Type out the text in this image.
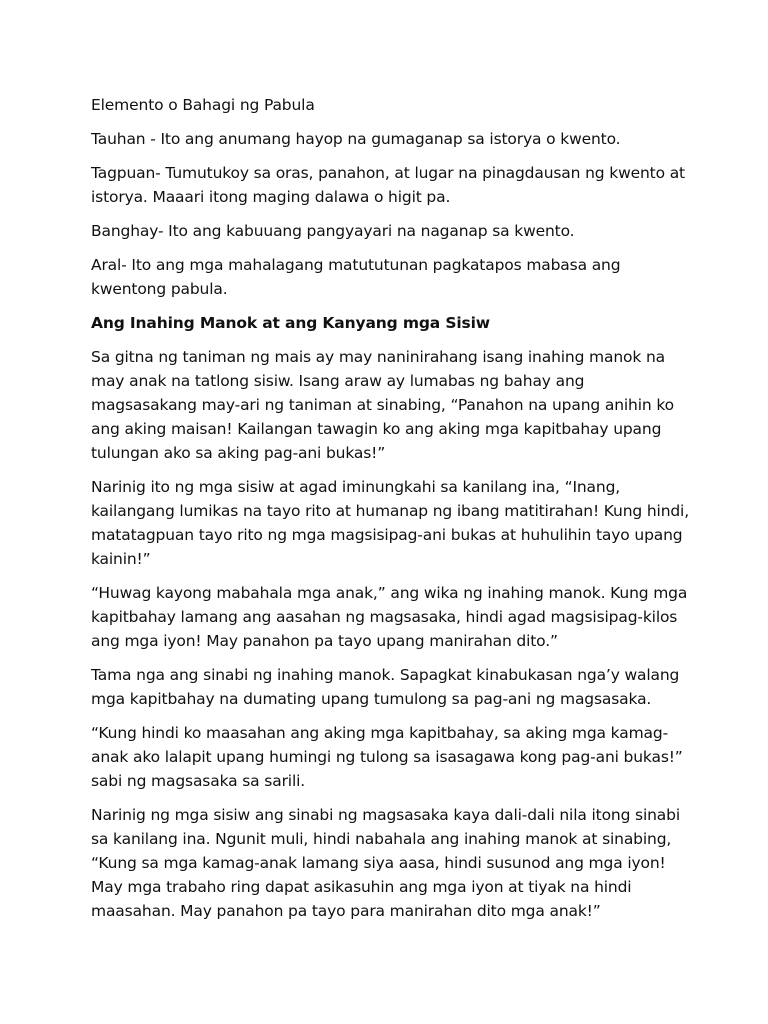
Elemento o Bahagi ng Pabula

Tauhan - Ito ang anumang hayop na gumaganap sa istorya o kwento.

Tagpuan- Tumutukoy sa oras, panahon, at lugar na pinagdausan ng kwento at istorya. Maaari itong maging dalawa o higit pa.

Banghay- Ito ang kabuuang pangyayari na naganap sa kwento.

Aral- Ito ang mga mahalagang matututunan pagkatapos mabasa ang kwentong pabula.

Ang Inahing Manok at ang Kanyang mga Sisiw

Sa gitna ng taniman ng mais ay may naninirahang isang inahing manok na may anak na tatlong sisiw. Isang araw ay lumabas ng bahay ang magsasakang may-ari ng taniman at sinabing, “Panahon na upang anihin ko ang aking maisan! Kailangan tawagin ko ang aking mga kapitbahay upang tulungan ako sa aking pag-ani bukas!”

Narinig ito ng mga sisiw at agad iminungkahi sa kanilang ina, “Inang, kailangang lumikas na tayo rito at humanap ng ibang matitirahan! Kung hindi, matatagpuan tayo rito ng mga magsisipag-ani bukas at huhulihin tayo upang kainin!”

“Huwag kayong mabahala mga anak,” ang wika ng inahing manok. Kung mga kapitbahay lamang ang aasahan ng magsasaka, hindi agad magsisipag-kilos ang mga iyon! May panahon pa tayo upang manirahan dito.”

Tama nga ang sinabi ng inahing manok. Sapagkat kinabukasan nga’y walang mga kapitbahay na dumating upang tumulong sa pag-ani ng magsasaka.

“Kung hindi ko maasahan ang aking mga kapitbahay, sa aking mga kamag-anak ako lalapit upang humingi ng tulong sa isasagawa kong pag-ani bukas!” sabi ng magsasaka sa sarili.

Narinig ng mga sisiw ang sinabi ng magsasaka kaya dali-dali nila itong sinabi sa kanilang ina. Ngunit muli, hindi nabahala ang inahing manok at sinabing, “Kung sa mga kamag-anak lamang siya aasa, hindi susunod ang mga iyon! May mga trabaho ring dapat asikasuhin ang mga iyon at tiyak na hindi maasahan. May panahon pa tayo para manirahan dito mga anak!”
